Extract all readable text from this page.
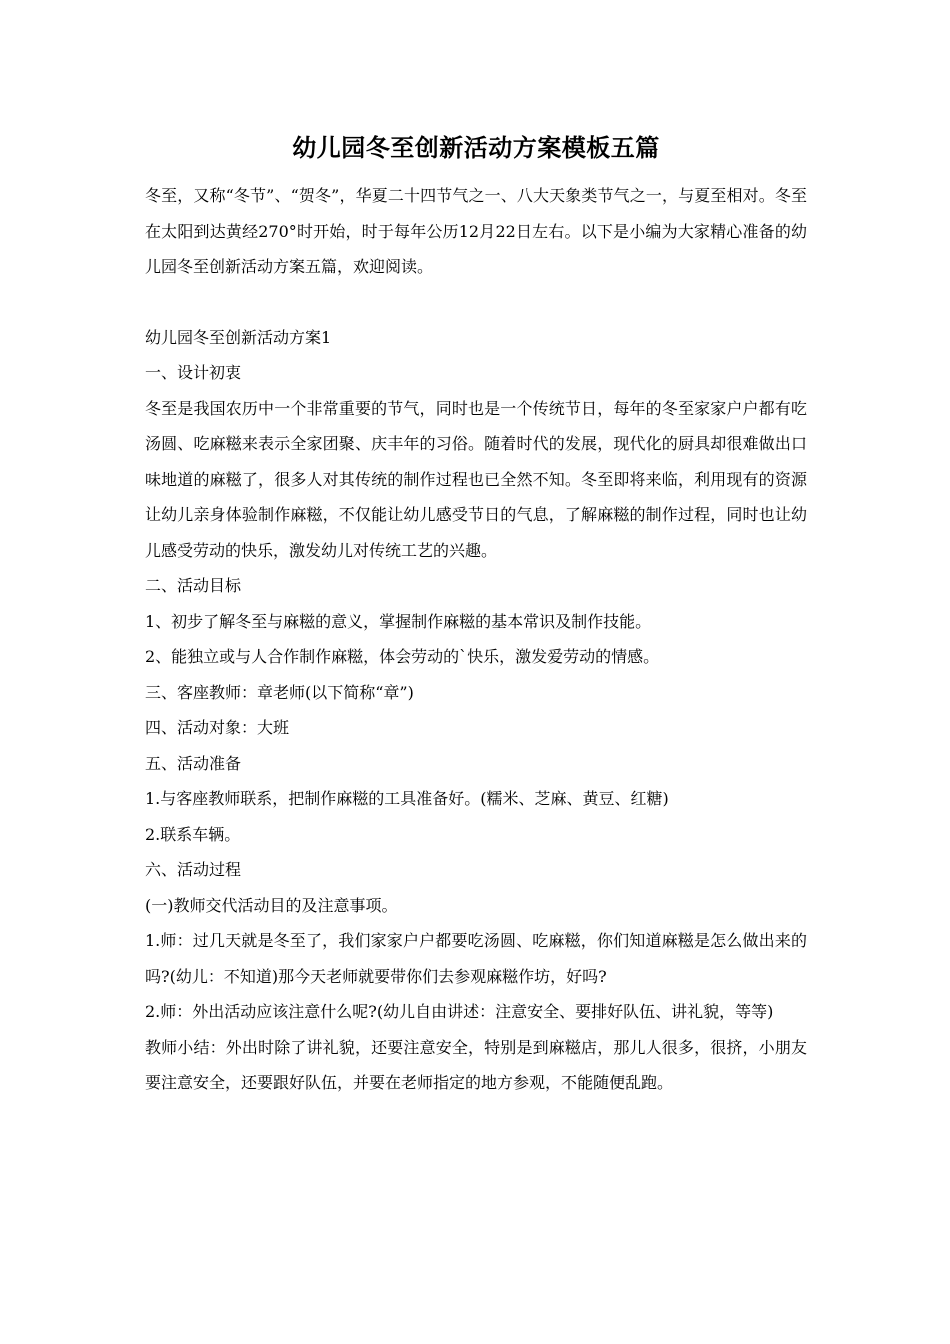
幼儿园冬至创新活动方案模板五篇

冬至，又称“冬节”、“贺冬”，华夏二十四节气之一、八大天象类节气之一，与夏至相对。冬至在太阳到达黄经270°时开始，时于每年公历12月22日左右。以下是小编为大家精心准备的幼儿园冬至创新活动方案五篇，欢迎阅读。

幼儿园冬至创新活动方案1

一、设计初衷

冬至是我国农历中一个非常重要的节气，同时也是一个传统节日，每年的冬至家家户户都有吃汤圆、吃麻糍来表示全家团聚、庆丰年的习俗。随着时代的发展，现代化的厨具却很难做出口味地道的麻糍了，很多人对其传统的制作过程也已全然不知。冬至即将来临，利用现有的资源让幼儿亲身体验制作麻糍，不仅能让幼儿感受节日的气息，了解麻糍的制作过程，同时也让幼儿感受劳动的快乐，激发幼儿对传统工艺的兴趣。

二、活动目标

1、初步了解冬至与麻糍的意义，掌握制作麻糍的基本常识及制作技能。

2、能独立或与人合作制作麻糍，体会劳动的`快乐，激发爱劳动的情感。

三、客座教师：章老师(以下简称“章”)

四、活动对象：大班

五、活动准备

1.与客座教师联系，把制作麻糍的工具准备好。(糯米、芝麻、黄豆、红糖)

2.联系车辆。

六、活动过程

(一)教师交代活动目的及注意事项。

1.师：过几天就是冬至了，我们家家户户都要吃汤圆、吃麻糍，你们知道麻糍是怎么做出来的吗?(幼儿：不知道)那今天老师就要带你们去参观麻糍作坊，好吗?

2.师：外出活动应该注意什么呢?(幼儿自由讲述：注意安全、要排好队伍、讲礼貌，等等)

教师小结：外出时除了讲礼貌，还要注意安全，特别是到麻糍店，那儿人很多，很挤，小朋友要注意安全，还要跟好队伍，并要在老师指定的地方参观，不能随便乱跑。
